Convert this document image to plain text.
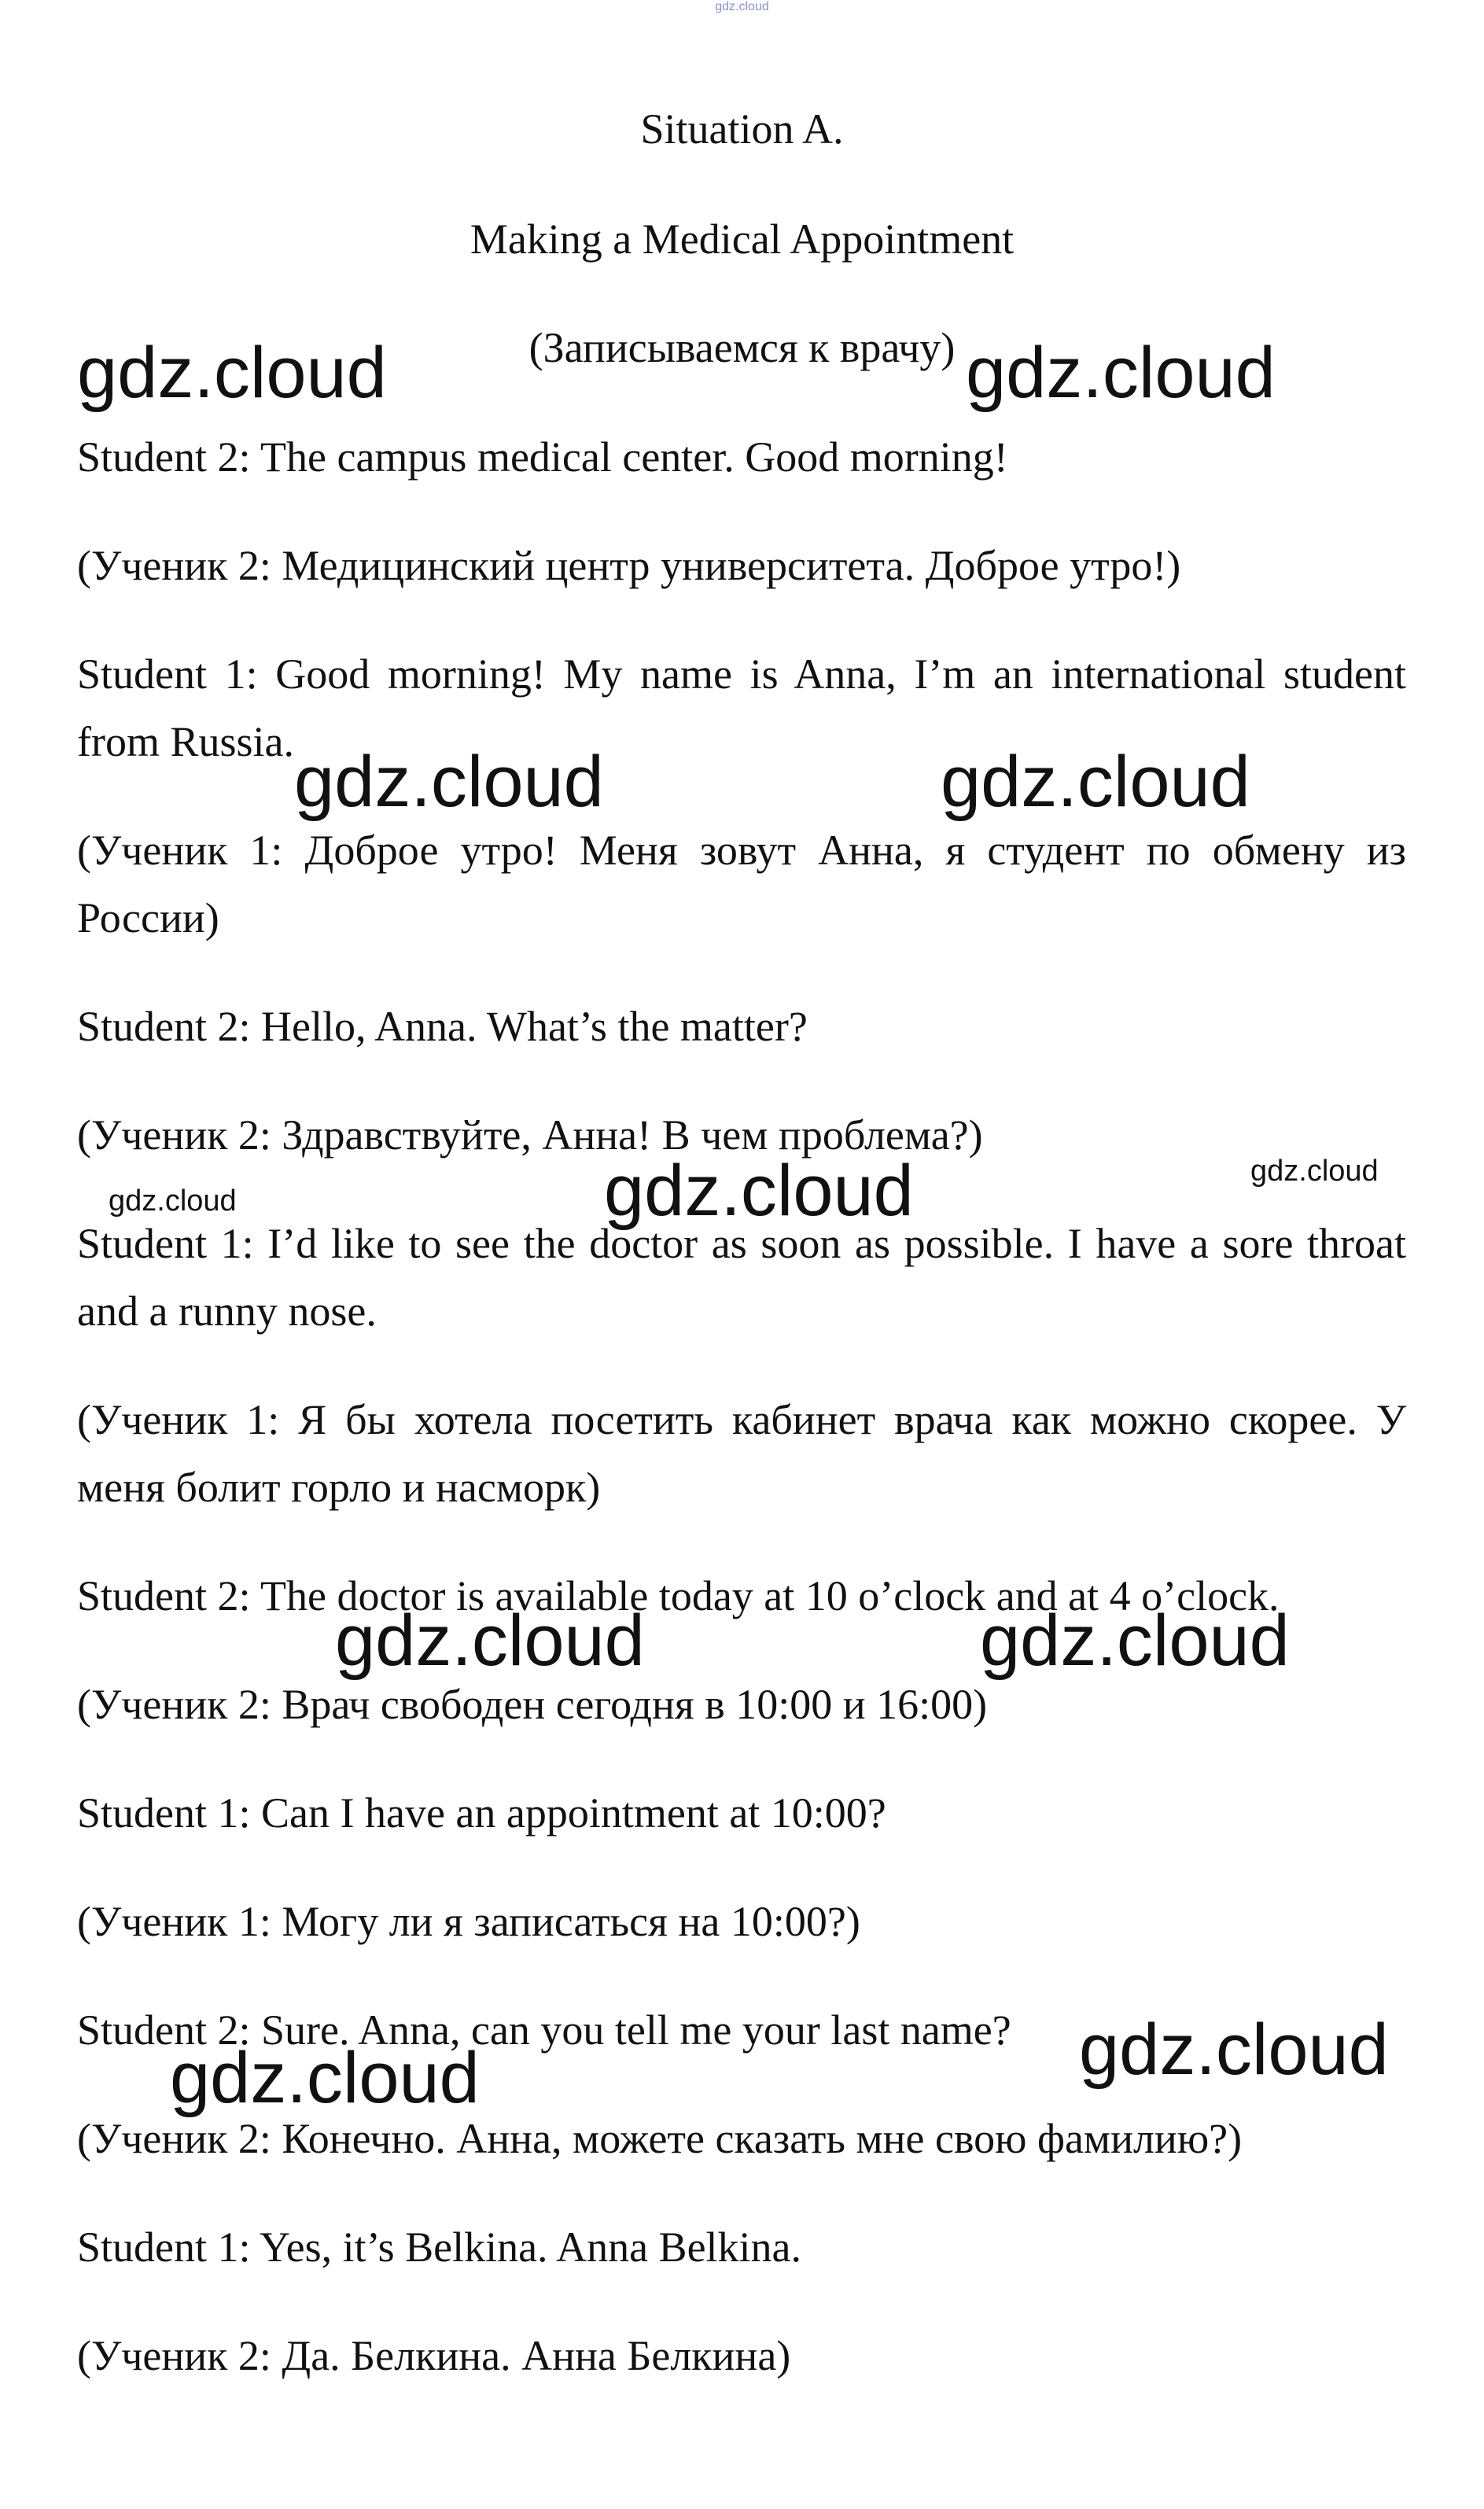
gdz.cloud
Situation A.
Making a Medical Appointment
(Записываемся к врачу)

Student 2: The campus medical center. Good morning!

(Ученик 2: Медицинский центр университета. Доброе утро!)

Student 1: Good morning! My name is Anna, I’m an international student from Russia.

(Ученик 1: Доброе утро! Меня зовут Анна, я студент по обмену из России)

Student 2: Hello, Anna. What’s the matter?

(Ученик 2: Здравствуйте, Анна! В чем проблема?)

Student 1: I’d like to see the doctor as soon as possible. I have a sore throat and a runny nose.

(Ученик 1: Я бы хотела посетить кабинет врача как можно скорее. У меня болит горло и насморк)

Student 2: The doctor is available today at 10 o’clock and at 4 o’clock.

(Ученик 2: Врач свободен сегодня в 10:00 и 16:00)

Student 1: Can I have an appointment at 10:00?

(Ученик 1: Могу ли я записаться на 10:00?)

Student 2: Sure. Anna, can you tell me your last name?

(Ученик 2: Конечно. Анна, можете сказать мне свою фамилию?)

Student 1: Yes, it’s Belkina. Anna Belkina.

(Ученик 2: Да. Белкина. Анна Белкина)

gdz.cloud	gdz.cloud
gdz.cloud	gdz.cloud
gdz.cloud	gdz.cloud	gdz.cloud
gdz.cloud	gdz.cloud
gdz.cloud
gdz.cloud
